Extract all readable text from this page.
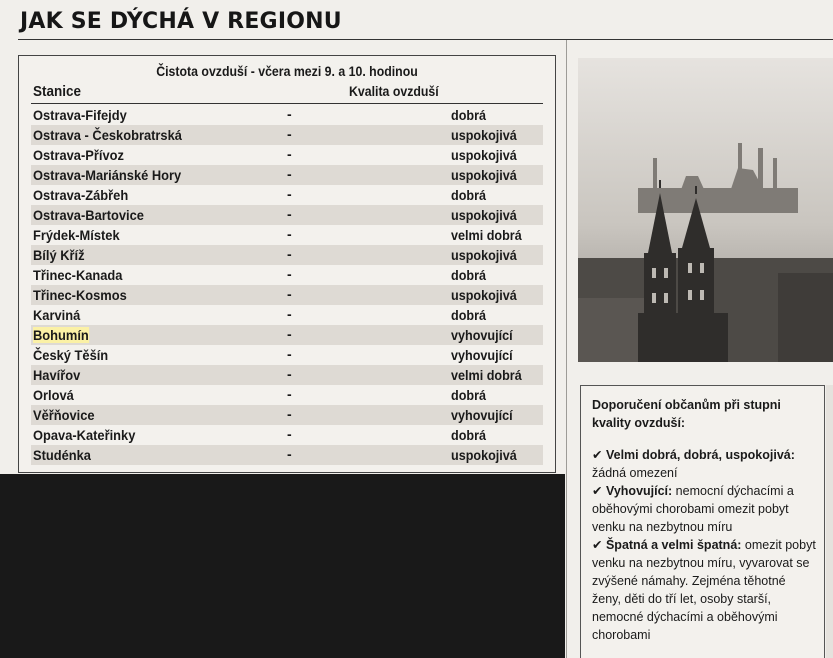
JAK SE DÝCHÁ V REGIONU
Čistota ovzduší - včera mezi 9. a 10. hodinou
Stanice	Kvalita ovzduší
Ostrava-Fifejdy	-	dobrá
Ostrava - Českobratrská	-	uspokojivá
Ostrava-Přívoz	-	uspokojivá
Ostrava-Mariánské Hory	-	uspokojivá
Ostrava-Zábřeh	-	dobrá
Ostrava-Bartovice	-	uspokojivá
Frýdek-Místek	-	velmi dobrá
Bílý Kříž	-	uspokojivá
Třinec-Kanada	-	dobrá
Třinec-Kosmos	-	uspokojivá
Karviná	-	dobrá
Bohumín	-	vyhovující
Český Těšín	-	vyhovující
Havířov	-	velmi dobrá
Orlová	-	dobrá
Věřňovice	-	vyhovující
Opava-Kateřinky	-	dobrá
Studénka	-	uspokojivá
Doporučení občanům při stupni kvality ovzduší:
✔ Velmi dobrá, dobrá, uspokojivá: žádná omezení
✔ Vyhovující: nemocní dýchacími a oběhovými chorobami omezit pobyt venku na nezbytnou míru
✔ Špatná a velmi špatná: omezit pobyt venku na nezbytnou míru, vyvarovat se zvýšené námahy. Zejména těhotné ženy, děti do tří let, osoby starší, nemocné dýchacími a oběhovými chorobami
